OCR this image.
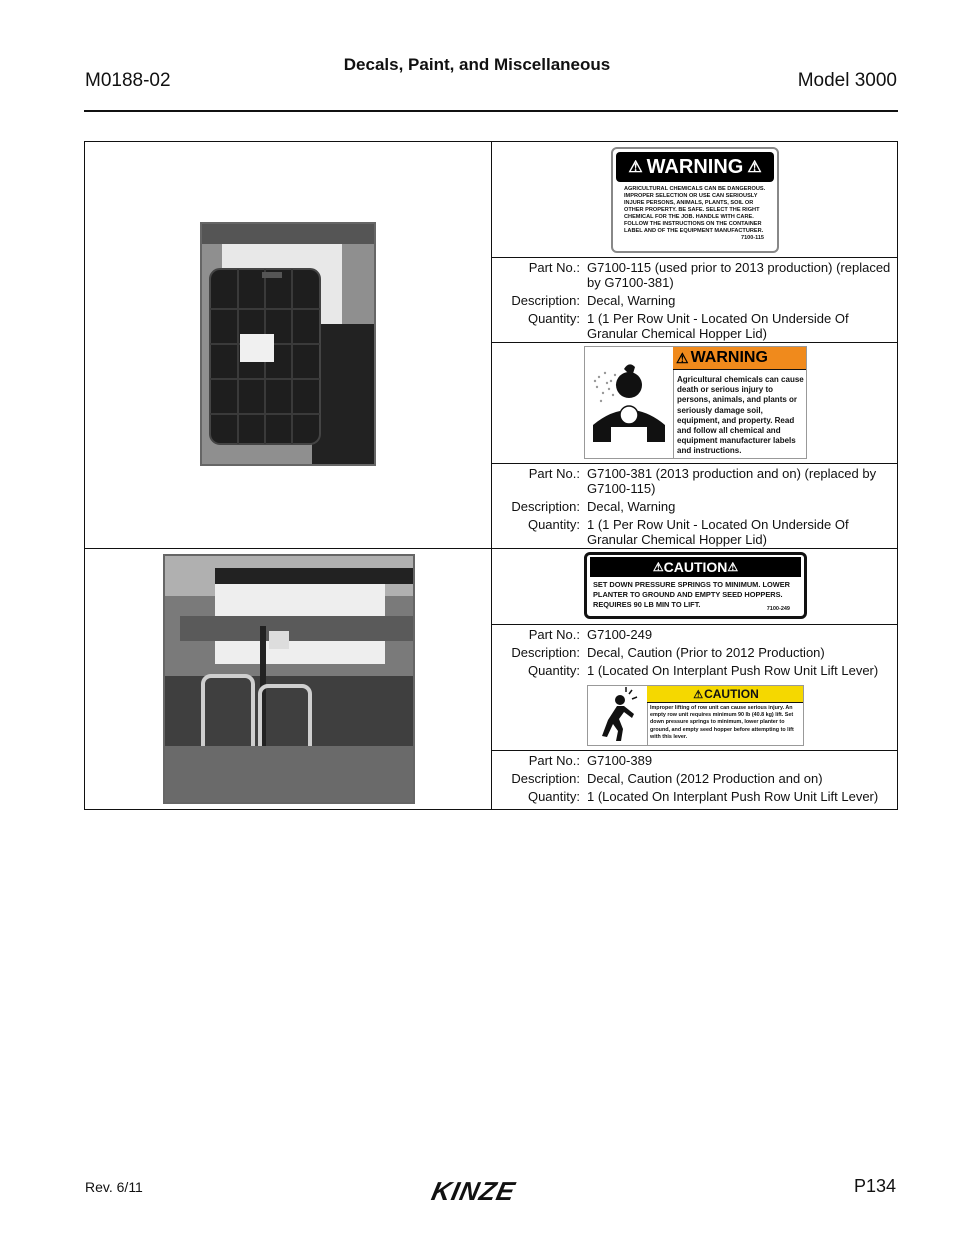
M0188-02
Decals, Paint, and Miscellaneous
Model 3000
⚠ WARNING ⚠
AGRICULTURAL CHEMICALS CAN BE DANGEROUS. IMPROPER SELECTION OR USE CAN SERIOUSLY INJURE PERSONS, ANIMALS, PLANTS, SOIL OR OTHER PROPERTY. BE SAFE. SELECT THE RIGHT CHEMICAL FOR THE JOB. HANDLE WITH CARE. FOLLOW THE INSTRUCTIONS ON THE CONTAINER LABEL AND OF THE EQUIPMENT MANUFACTURER.
7100-115
⚠ WARNING
Agricultural chemicals can cause death or serious injury to persons, animals, and plants or seriously damage soil, equipment, and property. Read and follow all chemical and equipment manufacturer labels and instructions.
⚠ CAUTION ⚠
SET DOWN PRESSURE SPRINGS TO MINIMUM. LOWER PLANTER TO GROUND AND EMPTY SEED HOPPERS. REQUIRES 90 LB MIN TO LIFT.	7100-249
⚠ CAUTION
Improper lifting of row unit can cause serious injury. An empty row unit requires minimum 90 lb (40.8 kg) lift. Set down pressure springs to minimum, lower planter to ground, and empty seed hopper before attempting to lift with this lever.
Part No.: G7100-115 (used prior to 2013 production) (replaced by G7100-381)
Description: Decal, Warning
Quantity: 1 (1 Per Row Unit - Located On Underside Of Granular Chemical Hopper Lid)
Part No.: G7100-381 (2013 production and on) (replaced by G7100-115)
Description: Decal, Warning
Quantity: 1 (1 Per Row Unit - Located On Underside Of Granular Chemical Hopper Lid)
Part No.: G7100-249
Description: Decal, Caution (Prior to 2012 Production)
Quantity: 1 (Located On Interplant Push Row Unit Lift Lever)
Part No.: G7100-389
Description: Decal, Caution (2012 Production and on)
Quantity: 1 (Located On Interplant Push Row Unit Lift Lever)
Rev. 6/11	KINZE	P134
